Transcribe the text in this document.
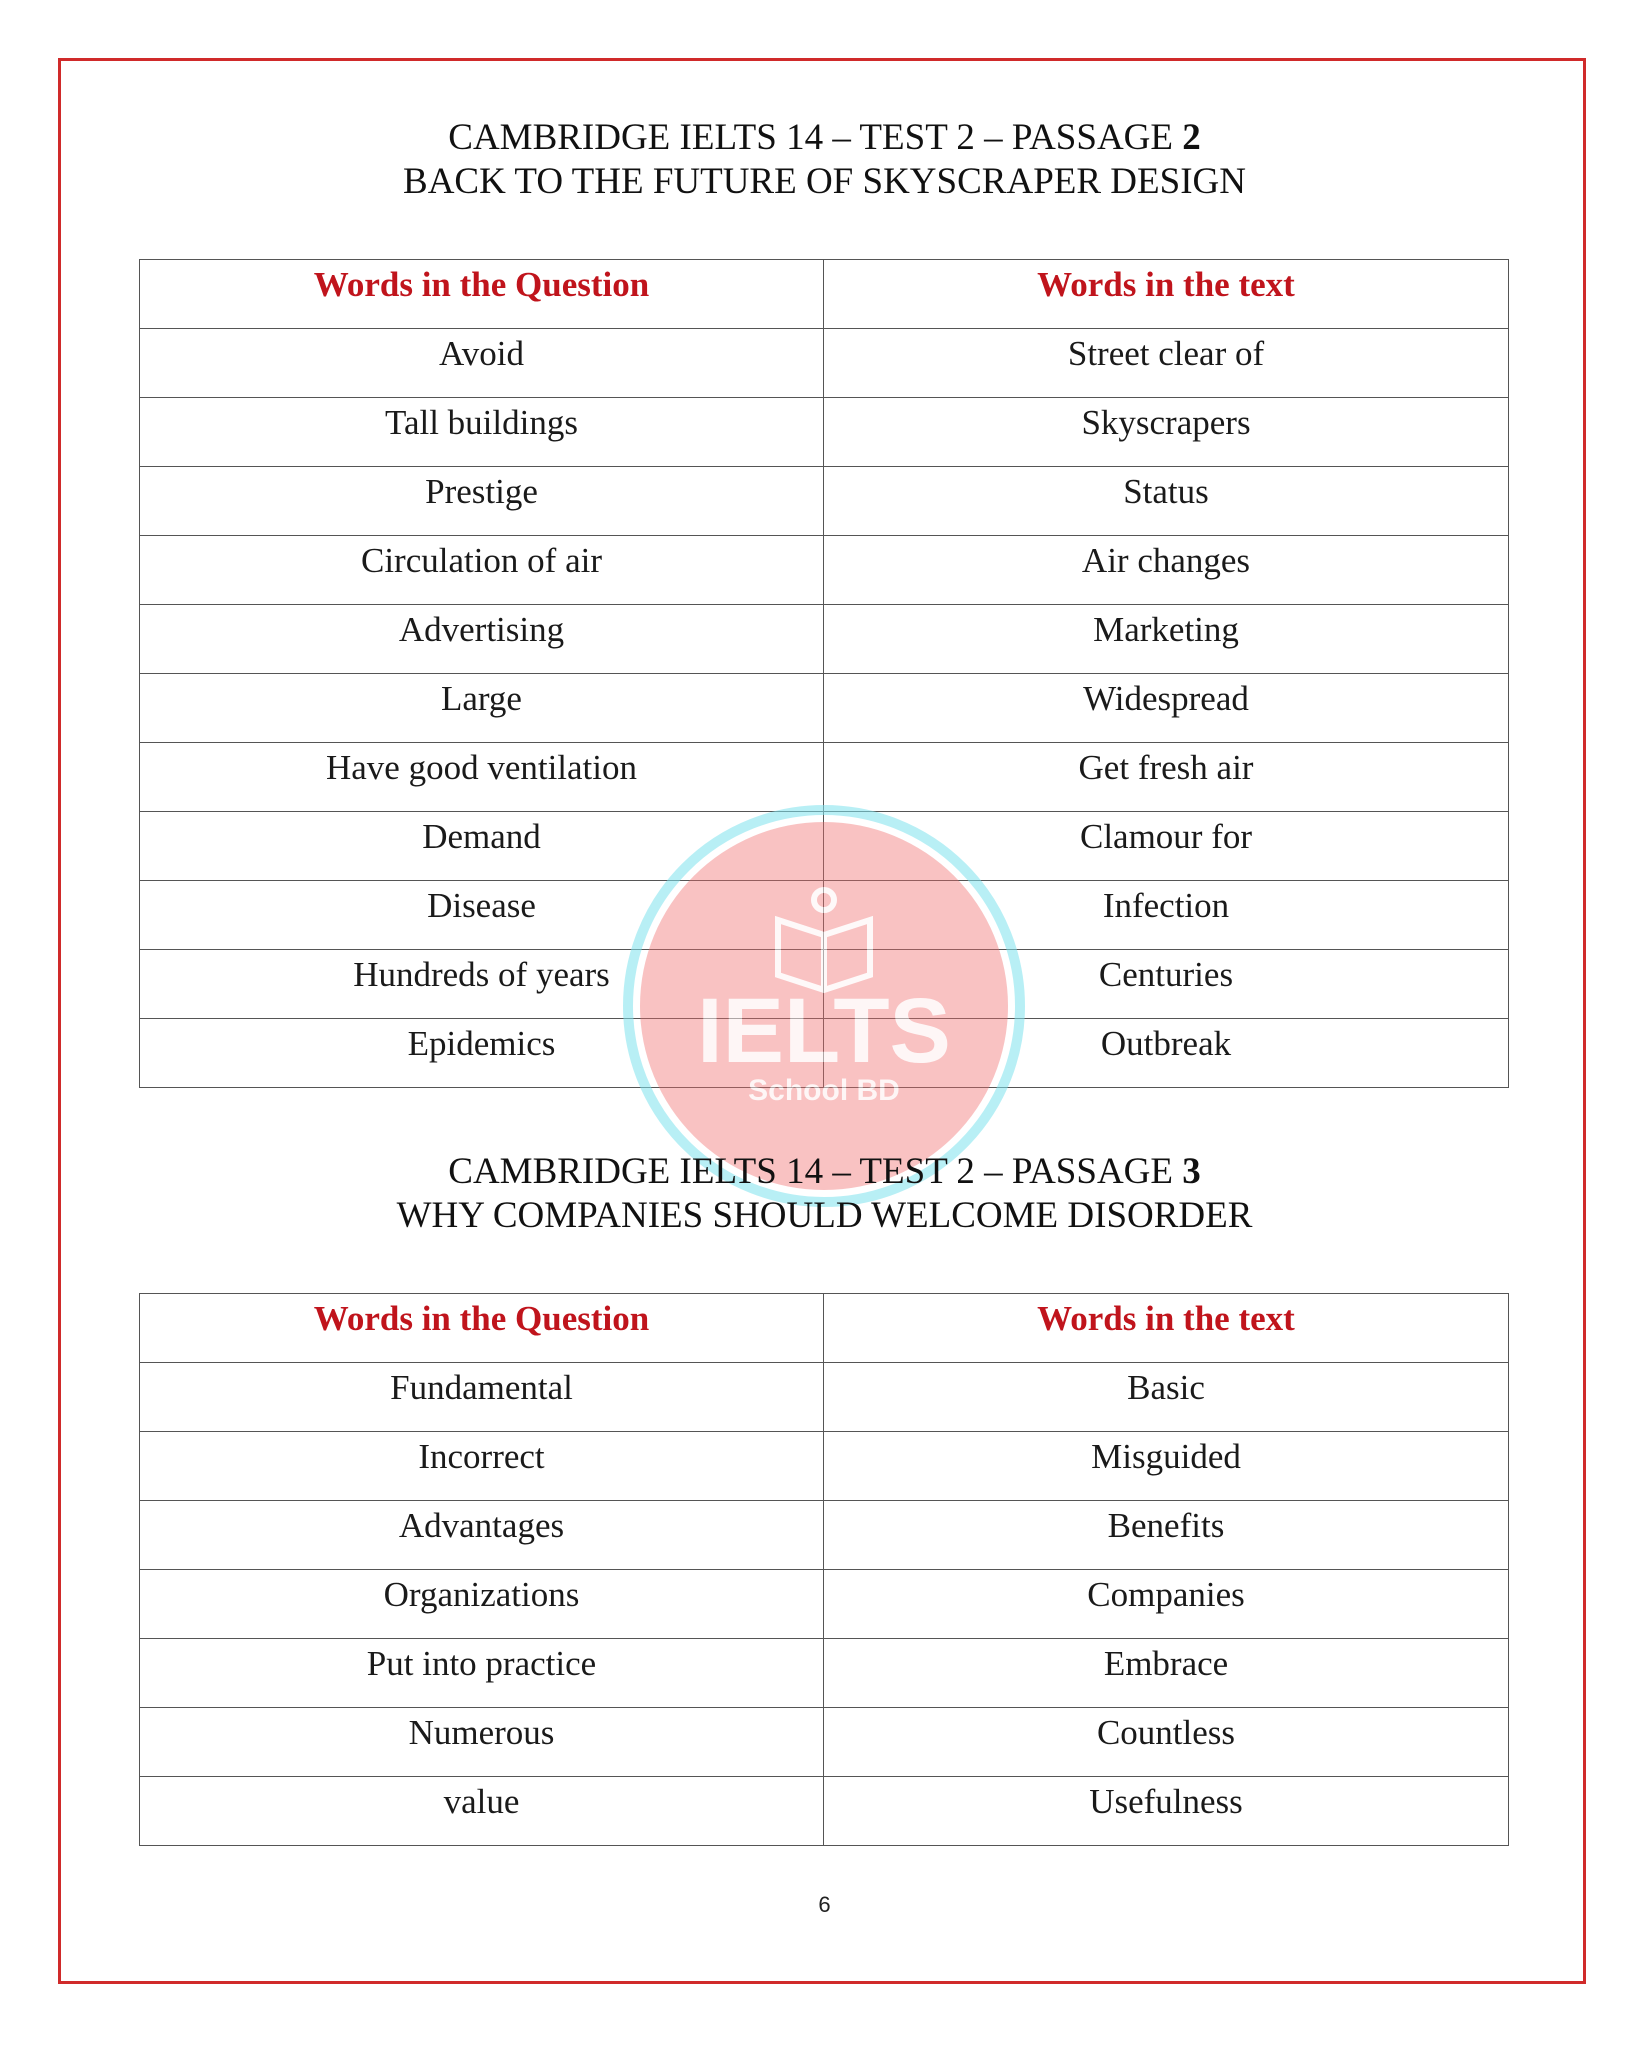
CAMBRIDGE IELTS 14 – TEST 2 – PASSAGE 2
BACK TO THE FUTURE OF SKYSCRAPER DESIGN
Words in the Question	Words in the text
Avoid	Street clear of
Tall buildings	Skyscrapers
Prestige	Status
Circulation of air	Air changes
Advertising	Marketing
Large	Widespread
Have good ventilation	Get fresh air
Demand	Clamour for
Disease	Infection
Hundreds of years	Centuries
Epidemics	Outbreak
IELTS
School BD
CAMBRIDGE IELTS 14 – TEST 2 – PASSAGE 3
WHY COMPANIES SHOULD WELCOME DISORDER
Words in the Question	Words in the text
Fundamental	Basic
Incorrect	Misguided
Advantages	Benefits
Organizations	Companies
Put into practice	Embrace
Numerous	Countless
value	Usefulness
6
